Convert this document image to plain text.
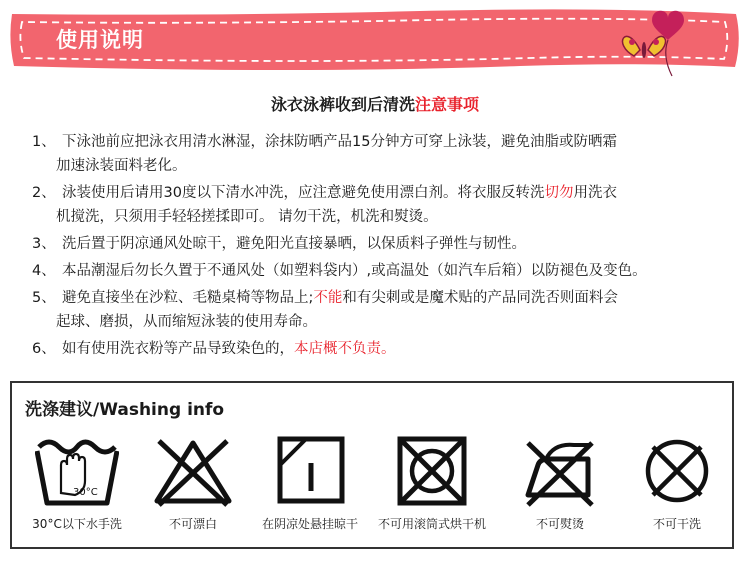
使用说明
泳衣泳裤收到后清洗注意事项
1、 下泳池前应把泳衣用清水淋湿，涂抹防晒产品15分钟方可穿上泳装，避免油脂或防晒霜
加速泳装面料老化。
2、 泳装使用后请用30度以下清水冲洗，应注意避免使用漂白剂。将衣服反转洗切勿用洗衣
机搅洗，只须用手轻轻搓揉即可。 请勿干洗，机洗和熨烫。
3、 洗后置于阴凉通风处晾干，避免阳光直接暴晒，以保质料子弹性与韧性。
4、 本品潮湿后勿长久置于不通风处（如塑料袋内）,或高温处（如汽车后箱）以防褪色及变色。
5、 避免直接坐在沙粒、毛糙桌椅等物品上;不能和有尖刺或是魔术贴的产品同洗否则面料会
起球、磨损，从而缩短泳装的使用寿命。
6、 如有使用洗衣粉等产品导致染色的，本店概不负责。
洗涤建议/Washing info
30°C
30°C以下水手洗	不可漂白	在阴凉处悬挂晾干	不可用滚筒式烘干机	不可熨烫	不可干洗
